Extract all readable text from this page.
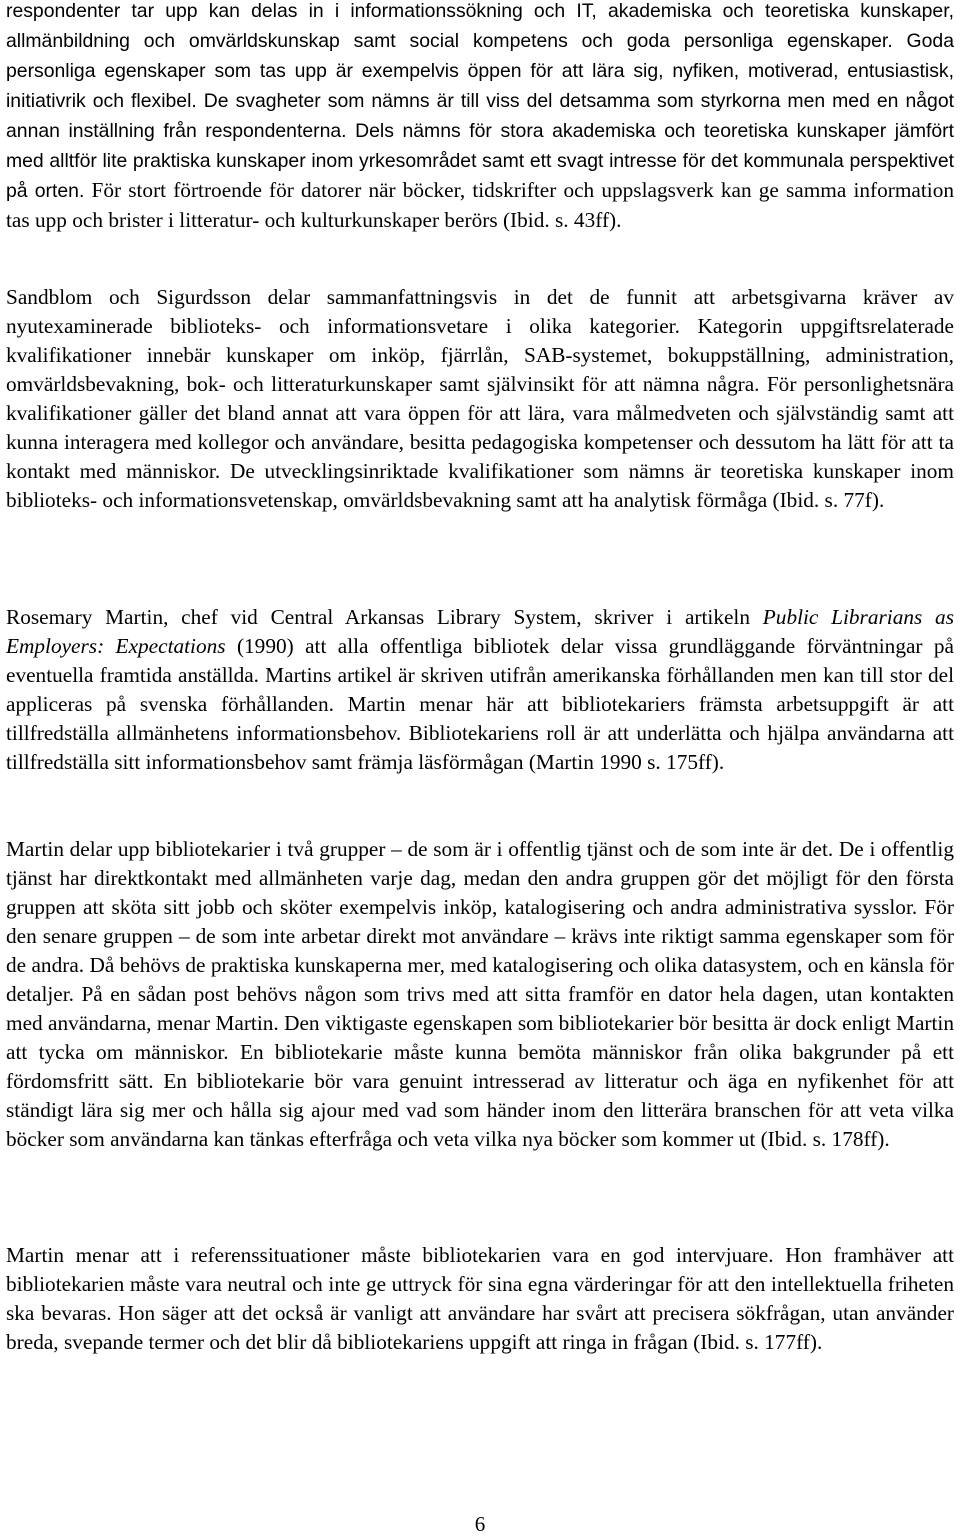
respondenter tar upp kan delas in i informationssökning och IT, akademiska och teoretiska kunskaper, allmänbildning och omvärldskunskap samt social kompetens och goda personliga egenskaper. Goda personliga egenskaper som tas upp är exempelvis öppen för att lära sig, nyfiken, motiverad, entusiastisk, initiativrik och flexibel. De svagheter som nämns är till viss del detsamma som styrkorna men med en något annan inställning från respondenterna. Dels nämns för stora akademiska och teoretiska kunskaper jämfört med alltför lite praktiska kunskaper inom yrkesområdet samt ett svagt intresse för det kommunala perspektivet på orten. För stort förtroende för datorer när böcker, tidskrifter och uppslagsverk kan ge samma information tas upp och brister i litteratur- och kulturkunskaper berörs (Ibid. s. 43ff).

Sandblom och Sigurdsson delar sammanfattningsvis in det de funnit att arbetsgivarna kräver av nyutexaminerade biblioteks- och informationsvetare i olika kategorier. Kategorin uppgiftsrelaterade kvalifikationer innebär kunskaper om inköp, fjärrlån, SAB-systemet, bokuppställning, administration, omvärldsbevakning, bok- och litteraturkunskaper samt självinsikt för att nämna några. För personlighetsnära kvalifikationer gäller det bland annat att vara öppen för att lära, vara målmedveten och självständig samt att kunna interagera med kollegor och användare, besitta pedagogiska kompetenser och dessutom ha lätt för att ta kontakt med människor. De utvecklingsinriktade kvalifikationer som nämns är teoretiska kunskaper inom biblioteks- och informationsvetenskap, omvärldsbevakning samt att ha analytisk förmåga (Ibid. s. 77f).

Rosemary Martin, chef vid Central Arkansas Library System, skriver i artikeln Public Librarians as Employers: Expectations (1990) att alla offentliga bibliotek delar vissa grundläggande förväntningar på eventuella framtida anställda. Martins artikel är skriven utifrån amerikanska förhållanden men kan till stor del appliceras på svenska förhållanden. Martin menar här att bibliotekariers främsta arbetsuppgift är att tillfredställa allmänhetens informationsbehov. Bibliotekariens roll är att underlätta och hjälpa användarna att tillfredställa sitt informationsbehov samt främja läsförmågan (Martin 1990 s. 175ff).

Martin delar upp bibliotekarier i två grupper – de som är i offentlig tjänst och de som inte är det. De i offentlig tjänst har direktkontakt med allmänheten varje dag, medan den andra gruppen gör det möjligt för den första gruppen att sköta sitt jobb och sköter exempelvis inköp, katalogisering och andra administrativa sysslor. För den senare gruppen – de som inte arbetar direkt mot användare – krävs inte riktigt samma egenskaper som för de andra. Då behövs de praktiska kunskaperna mer, med katalogisering och olika datasystem, och en känsla för detaljer. På en sådan post behövs någon som trivs med att sitta framför en dator hela dagen, utan kontakten med användarna, menar Martin. Den viktigaste egenskapen som bibliotekarier bör besitta är dock enligt Martin att tycka om människor. En bibliotekarie måste kunna bemöta människor från olika bakgrunder på ett fördomsfritt sätt. En bibliotekarie bör vara genuint intresserad av litteratur och äga en nyfikenhet för att ständigt lära sig mer och hålla sig ajour med vad som händer inom den litterära branschen för att veta vilka böcker som användarna kan tänkas efterfråga och veta vilka nya böcker som kommer ut (Ibid. s. 178ff).

Martin menar att i referenssituationer måste bibliotekarien vara en god intervjuare. Hon framhäver att bibliotekarien måste vara neutral och inte ge uttryck för sina egna värderingar för att den intellektuella friheten ska bevaras. Hon säger att det också är vanligt att användare har svårt att precisera sökfrågan, utan använder breda, svepande termer och det blir då bibliotekariens uppgift att ringa in frågan (Ibid. s. 177ff).

6
